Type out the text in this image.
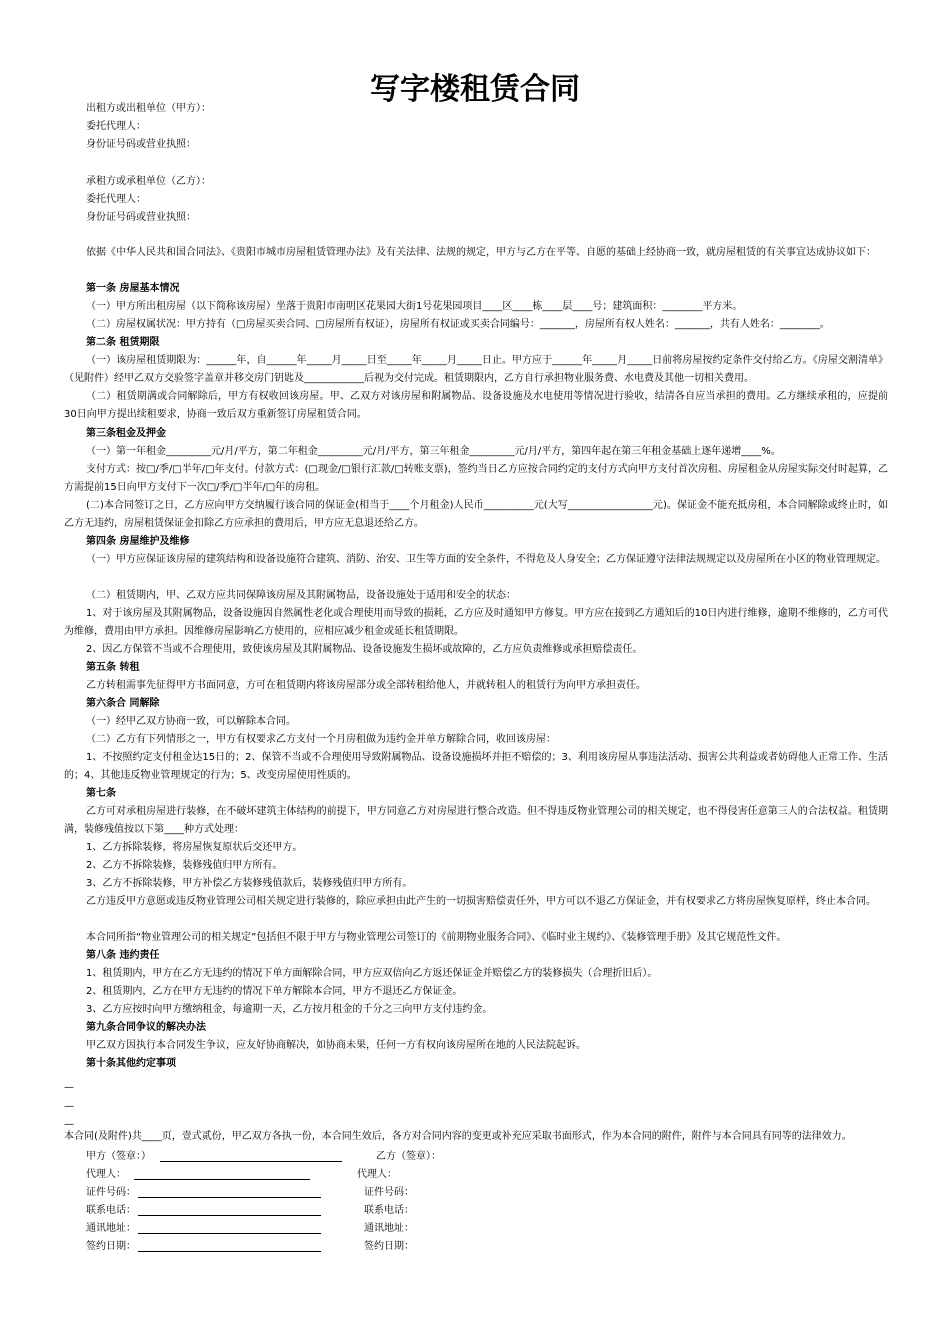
写字楼租赁合同
出租方或出租单位（甲方）：
委托代理人：
身份证号码或营业执照：
承租方或承租单位（乙方）：
委托代理人：
身份证号码或营业执照：
依据《中华人民共和国合同法》、《贵阳市城市房屋租赁管理办法》及有关法律、法规的规定，甲方与乙方在平等、自愿的基础上经协商一致，就房屋租赁的有关事宜达成协议如下：
第一条 房屋基本情况
（一）甲方所出租房屋（以下简称该房屋）坐落于贵阳市南明区花果园大街1号花果园项目____区____栋____层____号；建筑面积：________平方米。
（二）房屋权属状况：甲方持有（□房屋买卖合同、□房屋所有权证），房屋所有权证或买卖合同编号：_______，房屋所有权人姓名：_______，共有人姓名：________。
第二条 租赁期限
（一）该房屋租赁期限为：______年，自______年_____月_____日至_____年_____月_____日止。甲方应于______年_____月_____日前将房屋按约定条件交付给乙方。《房屋交割清单》（见附件）经甲乙双方交验签字盖章并移交房门钥匙及____________后视为交付完成。租赁期限内，乙方自行承担物业服务费、水电费及其他一切相关费用。
（二）租赁期满或合同解除后，甲方有权收回该房屋。甲、乙双方对该房屋和附属物品、设备设施及水电使用等情况进行验收，结清各自应当承担的费用。乙方继续承租的，应提前30日向甲方提出续租要求，协商一致后双方重新签订房屋租赁合同。
第三条租金及押金
（一）第一年租金_________元/月/平方，第二年租金_________元/月/平方，第三年租金_________元/月/平方，第四年起在第三年租金基础上逐年递增____%。
支付方式：按□/季/□半年/□年支付。付款方式：(□现金/□银行汇款/□转账支票)，签约当日乙方应按合同约定的支付方式向甲方支付首次房租、房屋租金从房屋实际交付时起算，乙方需提前15日向甲方支付下一次□/季/□半年/□年的房租。
(二)本合同签订之日，乙方应向甲方交纳履行该合同的保证金(相当于____个月租金)人民币__________元(大写_________________元)。保证金不能充抵房租，本合同解除或终止时，如乙方无违约，房屋租赁保证金扣除乙方应承担的费用后，甲方应无息退还给乙方。
第四条 房屋维护及维修
（一）甲方应保证该房屋的建筑结构和设备设施符合建筑、消防、治安、卫生等方面的安全条件，不得危及人身安全；乙方保证遵守法律法规规定以及房屋所在小区的物业管理规定。
（二）租赁期内，甲、乙双方应共同保障该房屋及其附属物品，设备设施处于适用和安全的状态：
1、对于该房屋及其附属物品，设备设施因自然属性老化或合理使用而导致的损耗，乙方应及时通知甲方修复。甲方应在接到乙方通知后的10日内进行维修，逾期不维修的，乙方可代为维修，费用由甲方承担。因维修房屋影响乙方使用的，应相应减少租金或延长租赁期限。
2、因乙方保管不当或不合理使用，致使该房屋及其附属物品、设备设施发生损坏或故障的，乙方应负责维修或承担赔偿责任。
第五条 转租
乙方转租需事先征得甲方书面同意，方可在租赁期内将该房屋部分或全部转租给他人，并就转租人的租赁行为向甲方承担责任。
第六条合 同解除
（一）经甲乙双方协商一致，可以解除本合同。
（二）乙方有下列情形之一，甲方有权要求乙方支付一个月房租做为违约金并单方解除合同，收回该房屋：
1、不按照约定支付租金达15日的；2、保管不当或不合理使用导致附属物品、设备设施损坏并拒不赔偿的；3、利用该房屋从事违法活动、损害公共利益或者妨碍他人正常工作、生活的；4、其他违反物业管理规定的行为；5、改变房屋使用性质的。
第七条
乙方可对承租房屋进行装修，在不破坏建筑主体结构的前提下，甲方同意乙方对房屋进行整合改造。但不得违反物业管理公司的相关规定，也不得侵害任意第三人的合法权益。租赁期满，装修残值按以下第____种方式处理：
1、乙方拆除装修，将房屋恢复原状后交还甲方。
2、乙方不拆除装修，装修残值归甲方所有。
3、乙方不拆除装修，甲方补偿乙方装修残值款后，装修残值归甲方所有。
乙方违反甲方意愿或违反物业管理公司相关规定进行装修的，除应承担由此产生的一切损害赔偿责任外，甲方可以不退乙方保证金，并有权要求乙方将房屋恢复原样，终止本合同。
本合同所指“物业管理公司的相关规定”包括但不限于甲方与物业管理公司签订的《前期物业服务合同》、《临时业主规约》、《装修管理手册》及其它规范性文件。
第八条 违约责任
1、租赁期内，甲方在乙方无违约的情况下单方面解除合同，甲方应双倍向乙方返还保证金并赔偿乙方的装修损失（合理折旧后）。
2、租赁期内，乙方在甲方无违约的情况下单方解除本合同，甲方不退还乙方保证金。
3、乙方应按时向甲方缴纳租金，每逾期一天，乙方按月租金的千分之三向甲方支付违约金。
第九条合同争议的解决办法
甲乙双方因执行本合同发生争议，应友好协商解决，如协商未果，任何一方有权向该房屋所在地的人民法院起诉。
第十条其他约定事项
—
—
—
本合同(及附件)共____页，壹式贰份，甲乙双方各执一份，本合同生效后，各方对合同内容的变更或补充应采取书面形式，作为本合同的附件，附件与本合同具有同等的法律效力。
甲方（签章：）	乙方（签章）：
代理人：	代理人：
证件号码：	证件号码：
联系电话：	联系电话：
通讯地址：	通讯地址：
签约日期：	签约日期：
